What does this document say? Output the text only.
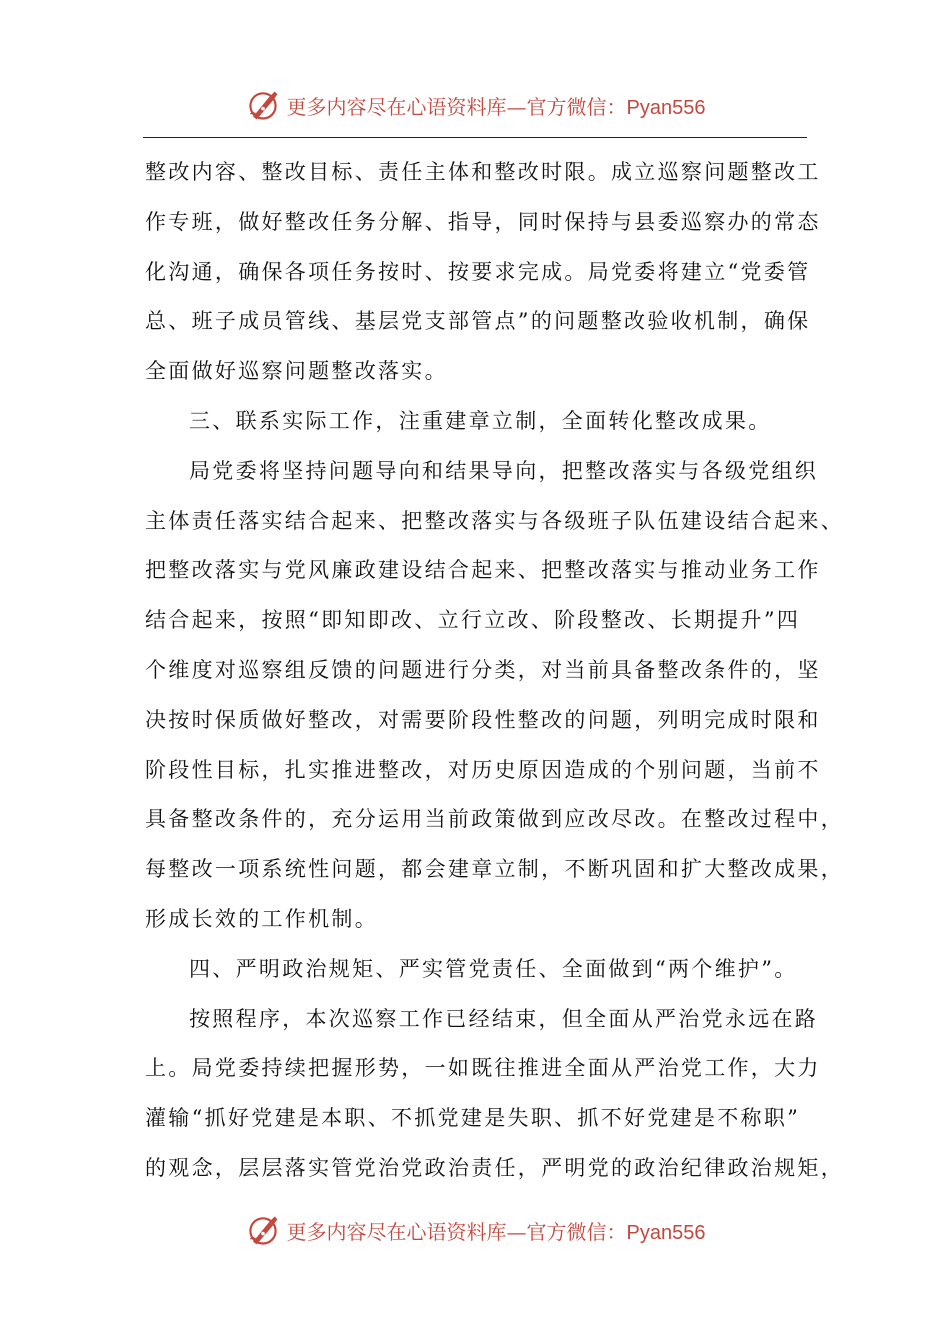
更多内容尽在心语资料库—官方微信：Pyan556
整改内容、整改目标、责任主体和整改时限。成立巡察问题整改工
作专班，做好整改任务分解、指导，同时保持与县委巡察办的常态
化沟通，确保各项任务按时、按要求完成。局党委将建立“党委管
总、班子成员管线、基层党支部管点”的问题整改验收机制，确保
全面做好巡察问题整改落实。
三、联系实际工作，注重建章立制，全面转化整改成果。
局党委将坚持问题导向和结果导向，把整改落实与各级党组织
主体责任落实结合起来、把整改落实与各级班子队伍建设结合起来、
把整改落实与党风廉政建设结合起来、把整改落实与推动业务工作
结合起来，按照“即知即改、立行立改、阶段整改、长期提升”四
个维度对巡察组反馈的问题进行分类，对当前具备整改条件的，坚
决按时保质做好整改，对需要阶段性整改的问题，列明完成时限和
阶段性目标，扎实推进整改，对历史原因造成的个别问题，当前不
具备整改条件的，充分运用当前政策做到应改尽改。在整改过程中，
每整改一项系统性问题，都会建章立制，不断巩固和扩大整改成果，
形成长效的工作机制。
四、严明政治规矩、严实管党责任、全面做到“两个维护”。
按照程序，本次巡察工作已经结束，但全面从严治党永远在路
上。局党委持续把握形势，一如既往推进全面从严治党工作，大力
灌输“抓好党建是本职、不抓党建是失职、抓不好党建是不称职”
的观念，层层落实管党治党政治责任，严明党的政治纪律政治规矩，
更多内容尽在心语资料库—官方微信：Pyan556
